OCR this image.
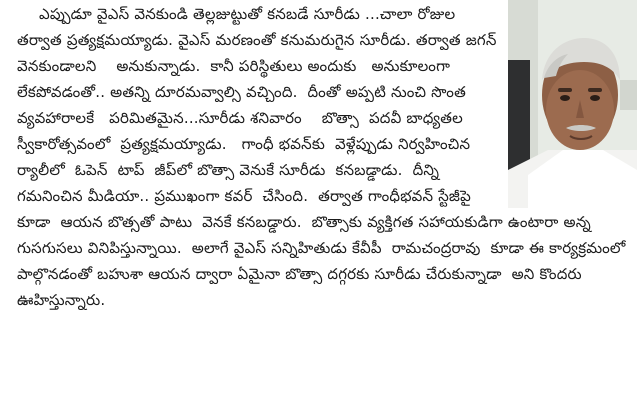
ఎప్పుడూ వైఎస్ వెనకుండి తెల్లజుట్టుతో కనబడే సూరీడు ...చాలా రోజుల
తర్వాత ప్రత్యక్షమయ్యాడు. వైఎస్ మరణంతో కనుమరుగైన సూరీడు. తర్వాత జగన్
వెనకుండాలని    అనుకున్నాడు.  కానీ పరిస్థితులు అందుకు   అనుకూలంగా
లేకపోవడంతో.. అతన్ని దూరమవ్వాల్సి వచ్చింది.  దీంతో అప్పటి నుంచి సొంత
వ్యవహారాలకే   పరిమితమైన...సూరీడు శనివారం    బొత్సా  పదవీ బాధ్యతల
స్వీకారోత్సవంలో  ప్రత్యక్షమయ్యాడు.   గాంధీ భవన్‌కు  వెళ్లేప్పుడు నిర్వహించిన
ర్యాలీలో  ఓపెన్  టాప్  జీప్‌లో బొత్సా వెనుకే సూరీడు  కనబడ్డాడు.  దీన్ని
గమనించిన మీడియా.. ప్రముఖంగా కవర్  చేసింది.  తర్వాత గాంధీభవన్ స్టేజీపై
కూడా  ఆయన బొత్సతో పాటు  వెనకే కనబడ్డారు.  బొత్సాకు వ్యక్తిగత సహాయకుడిగా ఉంటారా అన్న
గుసగుసలు వినిపిస్తున్నాయి.  అలాగే వైఎస్ సన్నిహితుడు కేవీపీ  రామచంద్రరావు  కూడా ఈ కార్యక్రమంలో
పాల్గొనడంతో బహుశా ఆయన ద్వారా ఏమైనా బొత్సా దగ్గరకు సూరీడు చేరుకున్నాడా  అని కొందరు
ఊహిస్తున్నారు.
